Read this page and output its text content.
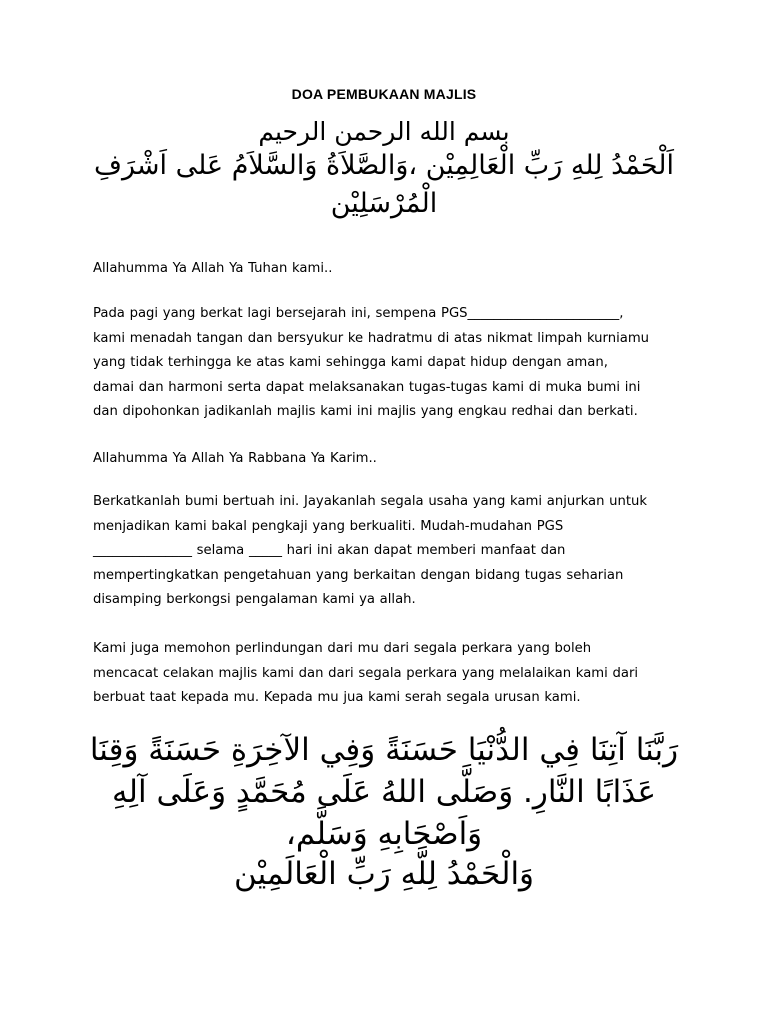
DOA PEMBUKAAN MAJLIS
بسم الله الرحمن الرحيم
اَلْحَمْدُ لِلهِ رَبِّ الْعَالِمِيْن ،وَالصَّلاَةُ وَالسَّلاَمُ عَلى اَشْرَفِ
الْمُرْسَلِيْن
Allahumma Ya Allah Ya Tuhan kami..
Pada pagi yang berkat lagi bersejarah ini, sempena PGS_______________________,
kami menadah tangan dan bersyukur ke hadratmu di atas nikmat limpah kurniamu
yang tidak terhingga ke atas kami sehingga kami dapat hidup dengan aman,
damai dan harmoni serta dapat melaksanakan tugas-tugas kami di muka bumi ini
dan dipohonkan jadikanlah majlis kami ini majlis yang engkau redhai dan berkati.
Allahumma Ya Allah Ya Rabbana Ya Karim..
Berkatkanlah bumi bertuah ini. Jayakanlah segala usaha yang kami anjurkan untuk
menjadikan kami bakal pengkaji yang berkualiti. Mudah-mudahan PGS
_______________ selama _____ hari ini akan dapat memberi manfaat dan
mempertingkatkan pengetahuan yang berkaitan dengan bidang tugas seharian
disamping berkongsi pengalaman kami ya allah.
Kami juga memohon perlindungan dari mu dari segala perkara yang boleh
mencacat celakan majlis kami dan dari segala perkara yang melalaikan kami dari
berbuat taat kepada mu. Kepada mu jua kami serah segala urusan kami.
رَبَّنَا آتِنَا فِي الدُّنْيَا حَسَنَةً وَفِي الآخِرَةِ حَسَنَةً وَقِنَا
عَذَابًا النَّارِ. وَصَلَّى اللهُ عَلَى مُحَمَّدٍ وَعَلَى آلِهِ
وَاَصْحَابِهِ وَسَلَّم،
وَالْحَمْدُ لِلَّهِ رَبِّ الْعَالَمِيْن
